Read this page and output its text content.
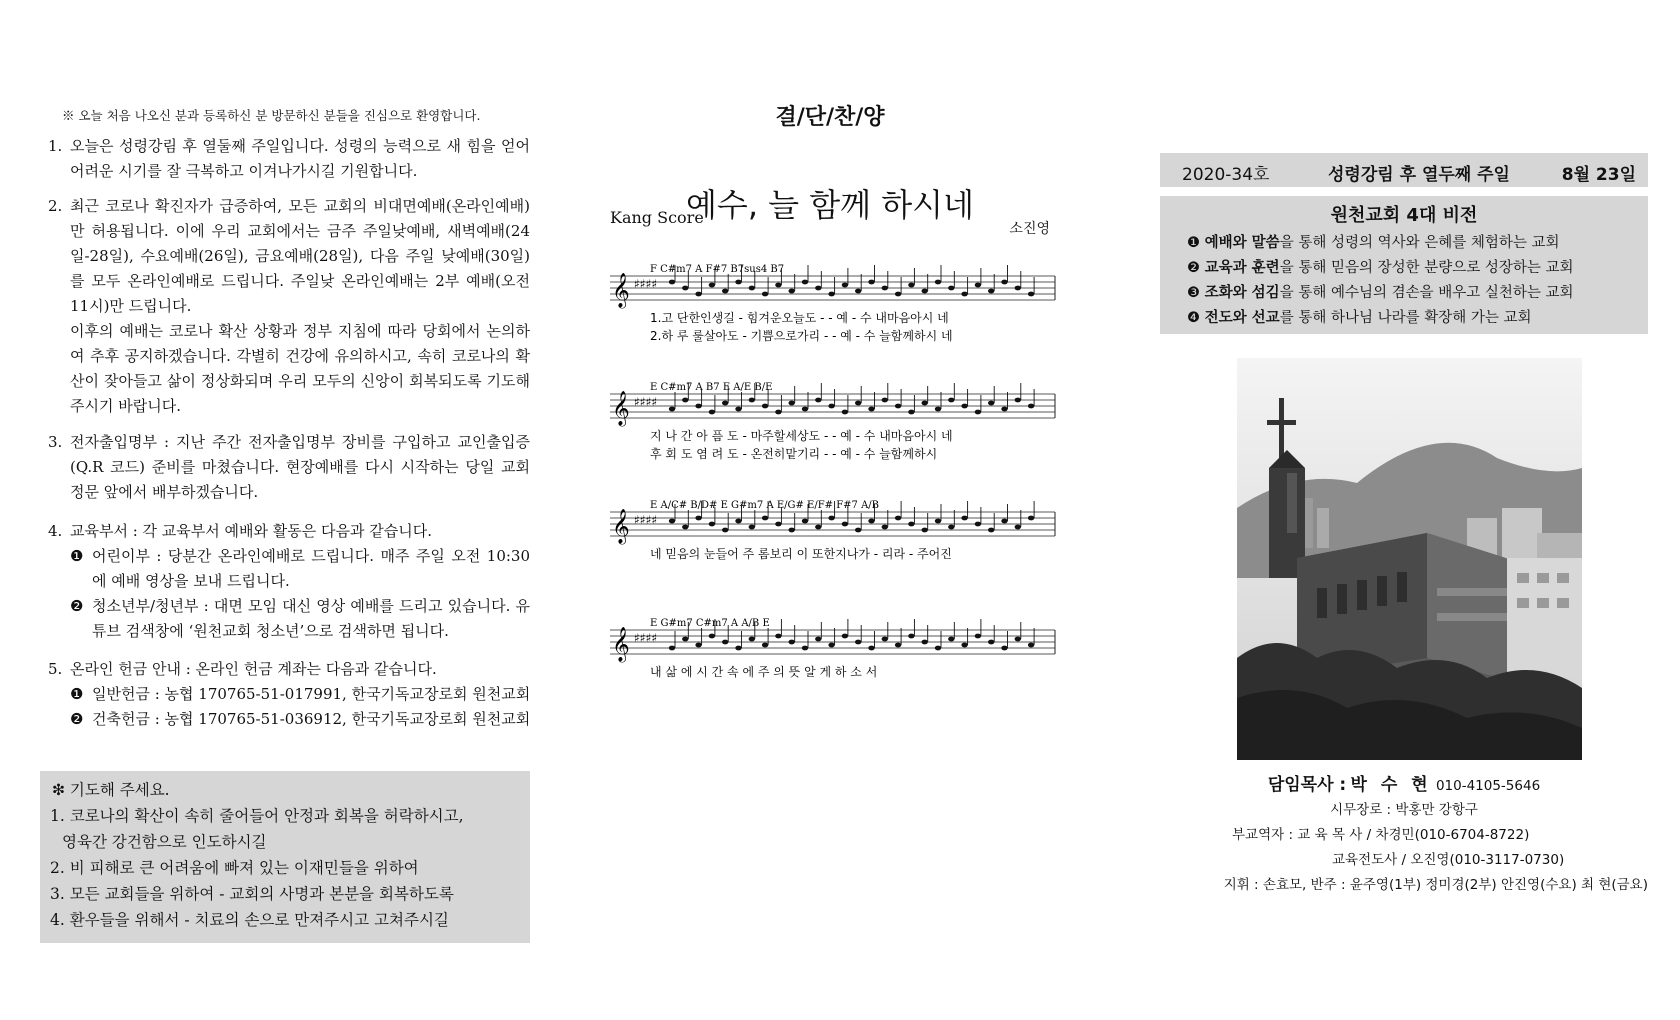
※ 오늘 처음 나오신 분과 등록하신 분 방문하신 분들을 진심으로 환영합니다.
1. 오늘은 성령강림 후 열둘째 주일입니다. 성령의 능력으로 새 힘을 얻어 어려운 시기를 잘 극복하고 이겨나가시길 기원합니다.

2. 최근 코로나 확진자가 급증하여, 모든 교회의 비대면예배(온라인예배)만 허용됩니다. 이에 우리 교회에서는 금주 주일낮예배, 새벽예배(24일-28일), 수요예배(26일), 금요예배(28일), 다음 주일 낮예배(30일)를 모두 온라인예배로 드립니다. 주일낮 온라인예배는 2부 예배(오전 11시)만 드립니다.

이후의 예배는 코로나 확산 상황과 정부 지침에 따라 당회에서 논의하여 추후 공지하겠습니다. 각별히 건강에 유의하시고, 속히 코로나의 확산이 잦아들고 삶이 정상화되며 우리 모두의 신앙이 회복되도록 기도해 주시기 바랍니다.

3. 전자출입명부 : 지난 주간 전자출입명부 장비를 구입하고 교인출입증(Q.R 코드) 준비를 마쳤습니다. 현장예배를 다시 시작하는 당일 교회 정문 앞에서 배부하겠습니다.

4. 교육부서 : 각 교육부서 예배와 활동은 다음과 같습니다.

❶ 어린이부 : 당분간 온라인예배로 드립니다. 매주 주일 오전 10:30에 예배 영상을 보내 드립니다.
❷ 청소년부/청년부 : 대면 모임 대신 영상 예배를 드리고 있습니다. 유튜브 검색창에 ‘원천교회 청소년’으로 검색하면 됩니다.
5. 온라인 헌금 안내 : 온라인 헌금 계좌는 다음과 같습니다.

❶ 일반헌금 : 농협 170765-51-017991, 한국기독교장로회 원천교회
❷ 건축헌금 : 농협 170765-51-036912, 한국기독교장로회 원천교회
❇ 기도해 주세요.
1. 코로나의 확산이 속히 줄어들어 안정과 회복을 허락하시고,
영육간 강건함으로 인도하시길
2. 비 피해로 큰 어려움에 빠져 있는 이재민들을 위하여
3. 모든 교회들을 위하여 - 교회의 사명과 본분을 회복하도록
4. 환우들을 위해서 - 치료의 손으로 만져주시고 고쳐주시길
결/단/찬/양
예수, 늘 함께 하시네
Kang Score
소진영
F C#m7 A F#7 B7sus4 B7
𝄞 ♯♯♯♯
1.고 단한인생길 - 힘겨운오늘도 - - 예 - 수 내마음아시 네
2.하 루 룰살아도 - 기쁨으로가리 - - 예 - 수 늘함께하시 네
E C#m7 A B7 E A/E B/E
𝄞 ♯♯♯♯
지 나 간 아 픔 도 - 마주할세상도 - - 예 - 수 내마음아시 네
후 회 도 염 려 도 - 온전히맡기리 - - 예 - 수 늘함께하시
E A/C# B/D# E G#m7 A E/G# E/F# F#7 A/B
𝄞 ♯♯♯♯
네 믿음의 눈들어 주 롬보리 이 또한지나가 - 리라 - 주어진
E G#m7 C#m7 A A/B E
𝄞 ♯♯♯♯
내 삶 에 시 간 속 에 주 의 뜻 알 게 하 소 서
2020-34호	성령강림 후 열두째 주일	8월 23일
원천교회 4대 비전
❶ 예배와 말씀을 통해 성령의 역사와 은혜를 체험하는 교회
❷ 교육과 훈련을 통해 믿음의 장성한 분량으로 성장하는 교회
❸ 조화와 섬김을 통해 예수님의 겸손을 배우고 실천하는 교회
❹ 전도와 선교를 통해 하나님 나라를 확장해 가는 교회
담임목사 : 박 수 현 010-4105-5646
시무장로 : 박홍만 강항구
부교역자 : 교 육 목 사 / 차경민(010-6704-8722)
교육전도사 / 오진영(010-3117-0730)
지휘 : 손효모, 반주 : 윤주영(1부) 정미경(2부) 안진영(수요) 최 현(금요)
